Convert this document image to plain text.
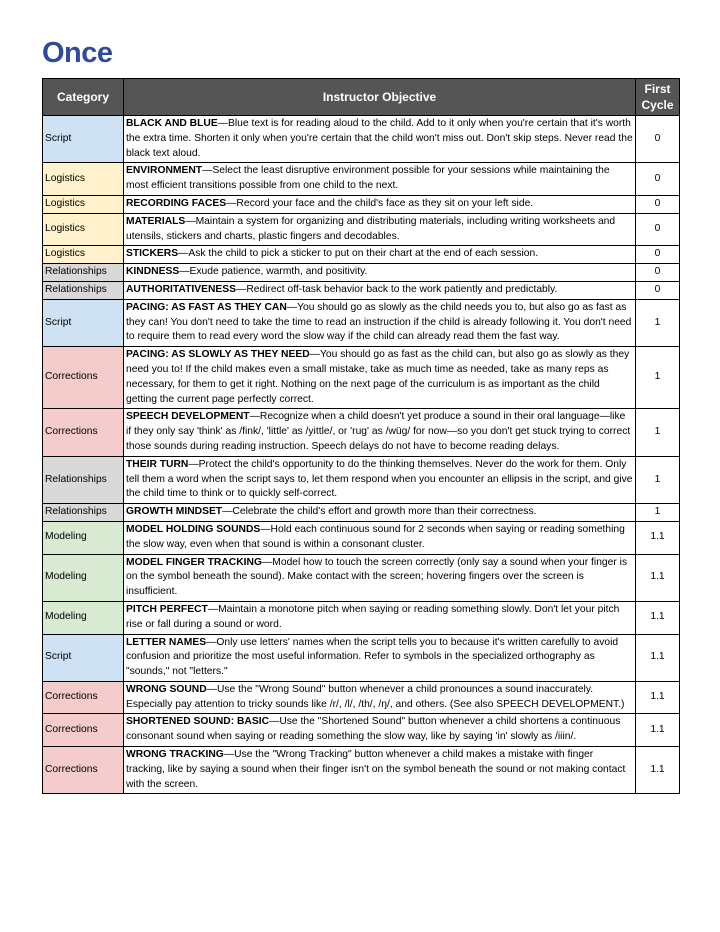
Once
Category	Instructor Objective	First Cycle
Script	BLACK AND BLUE—Blue text is for reading aloud to the child. Add to it only when you're certain that it's worth the extra time. Shorten it only when you're certain that the child won't miss out. Don't skip steps. Never read the black text aloud.	0
Logistics	ENVIRONMENT—Select the least disruptive environment possible for your sessions while maintaining the most efficient transitions possible from one child to the next.	0
Logistics	RECORDING FACES—Record your face and the child's face as they sit on your left side.	0
Logistics	MATERIALS—Maintain a system for organizing and distributing materials, including writing worksheets and utensils, stickers and charts, plastic fingers and decodables.	0
Logistics	STICKERS—Ask the child to pick a sticker to put on their chart at the end of each session.	0
Relationships	KINDNESS—Exude patience, warmth, and positivity.	0
Relationships	AUTHORITATIVENESS—Redirect off-task behavior back to the work patiently and predictably.	0
Script	PACING: AS FAST AS THEY CAN—You should go as slowly as the child needs you to, but also go as fast as they can! You don't need to take the time to read an instruction if the child is already following it. You don't need to require them to read every word the slow way if the child can already read them the fast way.	1
Corrections	PACING: AS SLOWLY AS THEY NEED—You should go as fast as the child can, but also go as slowly as they need you to! If the child makes even a small mistake, take as much time as needed, take as many reps as necessary, for them to get it right. Nothing on the next page of the curriculum is as important as the child getting the current page perfectly correct.	1
Corrections	SPEECH DEVELOPMENT—Recognize when a child doesn't yet produce a sound in their oral language—like if they only say 'think' as /fink/, 'little' as /yittle/, or 'rug' as /wüg/ for now—so you don't get stuck trying to correct those sounds during reading instruction. Speech delays do not have to become reading delays.	1
Relationships	THEIR TURN—Protect the child's opportunity to do the thinking themselves. Never do the work for them. Only tell them a word when the script says to, let them respond when you encounter an ellipsis in the script, and give the child time to think or to quickly self-correct.	1
Relationships	GROWTH MINDSET—Celebrate the child's effort and growth more than their correctness.	1
Modeling	MODEL HOLDING SOUNDS—Hold each continuous sound for 2 seconds when saying or reading something the slow way, even when that sound is within a consonant cluster.	1.1
Modeling	MODEL FINGER TRACKING—Model how to touch the screen correctly (only say a sound when your finger is on the symbol beneath the sound). Make contact with the screen; hovering fingers over the screen is insufficient.	1.1
Modeling	PITCH PERFECT—Maintain a monotone pitch when saying or reading something slowly. Don't let your pitch rise or fall during a sound or word.	1.1
Script	LETTER NAMES—Only use letters' names when the script tells you to because it's written carefully to avoid confusion and prioritize the most useful information. Refer to symbols in the specialized orthography as "sounds," not "letters."	1.1
Corrections	WRONG SOUND—Use the "Wrong Sound" button whenever a child pronounces a sound inaccurately. Especially pay attention to tricky sounds like /r/, /l/, /th/, /ŋ/, and others. (See also SPEECH DEVELOPMENT.)	1.1
Corrections	SHORTENED SOUND: BASIC—Use the "Shortened Sound" button whenever a child shortens a continuous consonant sound when saying or reading something the slow way, like by saying 'in' slowly as /iiin/.	1.1
Corrections	WRONG TRACKING—Use the "Wrong Tracking" button whenever a child makes a mistake with finger tracking, like by saying a sound when their finger isn't on the symbol beneath the sound or not making contact with the screen.	1.1
